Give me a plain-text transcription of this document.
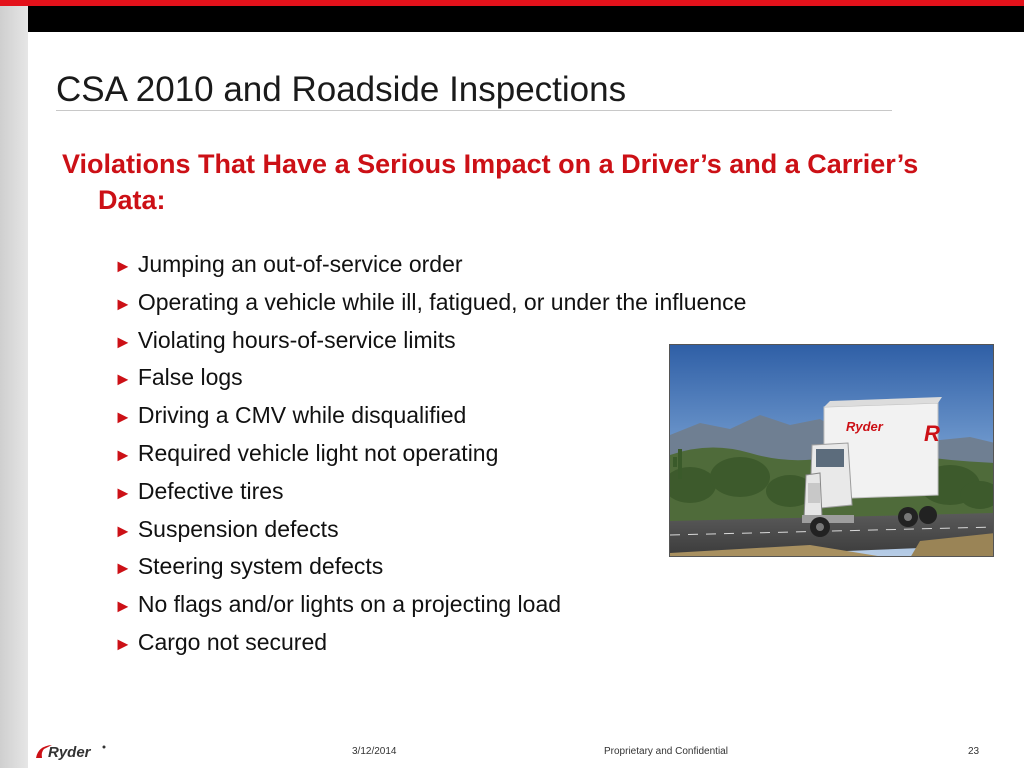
CSA 2010 and Roadside Inspections
Violations That Have a Serious Impact on a Driver’s and a Carrier’s Data:
► Jumping an out-of-service order
► Operating a vehicle while ill, fatigued, or under the influence
► Violating hours-of-service limits
► False logs
► Driving a CMV while disqualified
► Required vehicle light not operating
► Defective tires
► Suspension defects
► Steering system defects
► No flags and/or lights on a projecting load
► Cargo not secured
Ryder R
Ryder	3/12/2014	Proprietary and Confidential	23
